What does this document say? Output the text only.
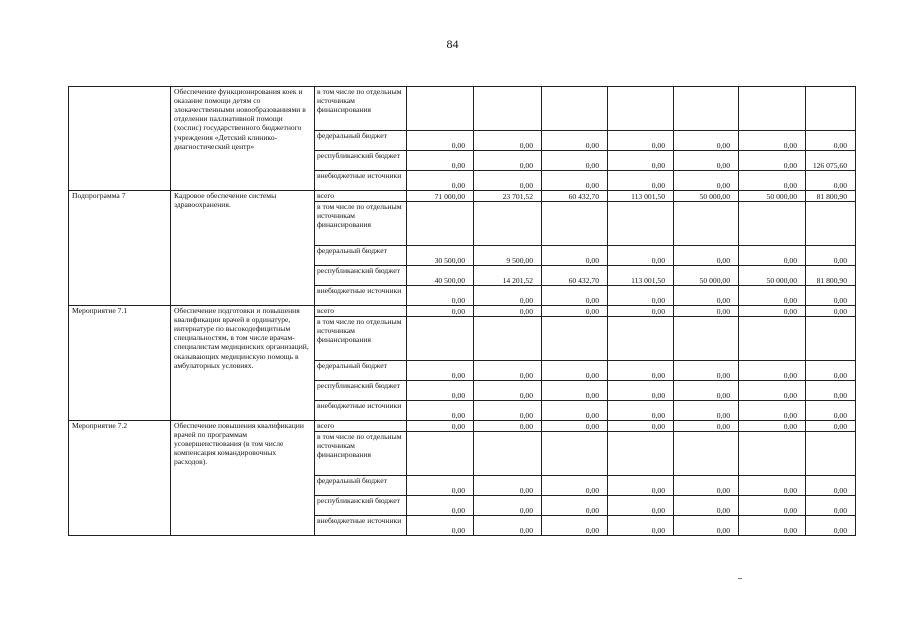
84
	Обеспечение функционирования коек и оказание помощи детям со злокачественными новообразованиями в отделении паллиативной помощи (хоспис) государственного бюджетного учреждения «Детский клинико-диагностический центр»	в том числе по отдельным источникам финансирования							
		федеральный бюджет	0,00	0,00	0,00	0,00	0,00	0,00	0,00
		республиканский бюджет	0,00	0,00	0,00	0,00	0,00	0,00	126 075,60
		внебюджетные источники	0,00	0,00	0,00	0,00	0,00	0,00	0,00
Подпрограмма 7	Кадровое обеспечение системы здравоохранения.	всего	71 000,00	23 701,52	60 432,70	113 001,50	50 000,00	50 000,00	81 800,90
		в том числе по отдельным источникам финансирования							
		федеральный бюджет	30 500,00	9 500,00	0,00	0,00	0,00	0,00	0,00
		республиканский бюджет	40 500,00	14 201,52	60 432,70	113 001,50	50 000,00	50 000,00	81 800,90
		внебюджетные источники	0,00	0,00	0,00	0,00	0,00	0,00	0,00
Мероприятие 7.1	Обеспечение подготовки и повышения квалификации врачей в ординатуре, интернатуре по высокодефицитным специальностям, в том числе врачам-специалистам медицинских организаций, оказывающих медицинскую помощь в амбулаторных условиях.	всего	0,00	0,00	0,00	0,00	0,00	0,00	0,00
		в том числе по отдельным источникам финансирования							
		федеральный бюджет	0,00	0,00	0,00	0,00	0,00	0,00	0,00
		республиканский бюджет	0,00	0,00	0,00	0,00	0,00	0,00	0,00
		внебюджетные источники	0,00	0,00	0,00	0,00	0,00	0,00	0,00
Мероприятие 7.2	Обеспечение повышения квалификации врачей по программам усовершенствования (в том числе компенсация командировочных расходов).	всего	0,00	0,00	0,00	0,00	0,00	0,00	0,00
		в том числе по отдельным источникам финансирования							
		федеральный бюджет	0,00	0,00	0,00	0,00	0,00	0,00	0,00
		республиканский бюджет	0,00	0,00	0,00	0,00	0,00	0,00	0,00
		внебюджетные источники	0,00	0,00	0,00	0,00	0,00	0,00	0,00
